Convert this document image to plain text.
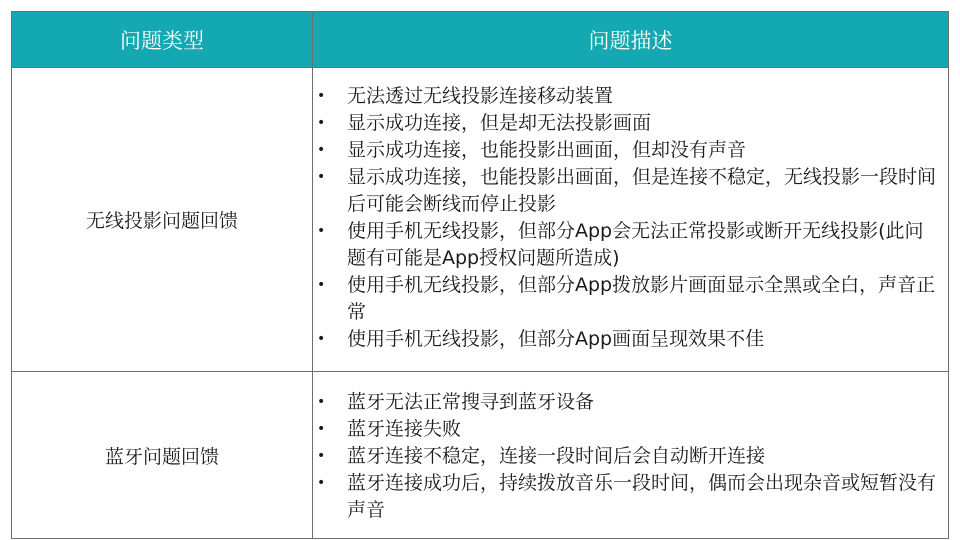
问题类型	问题描述
无线投影问题回馈
• 无法透过无线投影连接移动装置
• 显示成功连接，但是却无法投影画面
• 显示成功连接，也能投影出画面，但却没有声音
• 显示成功连接，也能投影出画面，但是连接不稳定，无线投影一段时间后可能会断线而停止投影
• 使用手机无线投影，但部分App会无法正常投影或断开无线投影(此问题有可能是App授权问题所造成)
• 使用手机无线投影，但部分App拨放影片画面显示全黑或全白，声音正常
• 使用手机无线投影，但部分App画面呈现效果不佳
蓝牙问题回馈
• 蓝牙无法正常搜寻到蓝牙设备
• 蓝牙连接失败
• 蓝牙连接不稳定，连接一段时间后会自动断开连接
• 蓝牙连接成功后，持续拨放音乐一段时间，偶而会出现杂音或短暂没有声音
